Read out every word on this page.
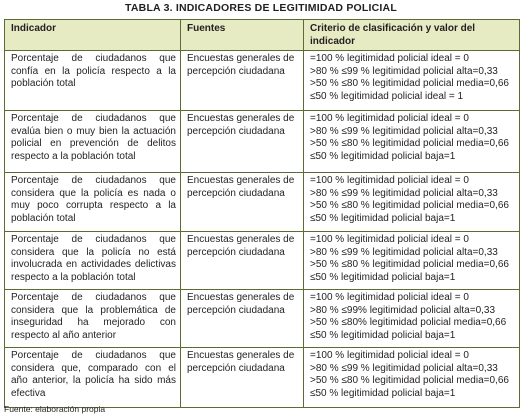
TABLA 3. INDICADORES DE LEGITIMIDAD POLICIAL
Indicador	Fuentes	Criterio de clasificación y valor del indicador
Porcentaje de ciudadanos que confía en la policía respecto a la población total	Encuestas generales de percepción ciudadana	=100 % legitimidad policial ideal = 0
>80 % ≤99 % legitimidad policial alta=0,33
>50 % ≤80 % legitimidad policial media=0,66
≤50 % legitimidad policial ideal = 1

Porcentaje de ciudadanos que evalúa bien o muy bien la actuación policial en prevención de delitos respecto a la población total	Encuestas generales de percepción ciudadana	=100 % legitimidad policial ideal = 0
>80 % ≤99 % legitimidad policial alta=0,33
>50 % ≤80 % legitimidad policial media=0,66
≤50 % legitimidad policial baja=1

Porcentaje de ciudadanos que considera que la policía es nada o muy poco corrupta respecto a la población total	Encuestas generales de percepción ciudadana	=100 % legitimidad policial ideal = 0
>80 % ≤99 % legitimidad policial alta=0,33
>50 % ≤80 % legitimidad policial media=0,66
≤50 % legitimidad policial baja=1

Porcentaje de ciudadanos que considera que la policía no está involucrada en actividades delictivas respecto a la población total	Encuestas generales de percepción ciudadana	=100 % legitimidad policial ideal = 0
>80 % ≤99 % legitimidad policial alta=0,33
>50 % ≤80 % legitimidad policial media=0,66
≤50 % legitimidad policial baja=1

Porcentaje de ciudadanos que considera que la problemática de inseguridad ha mejorado con respecto al año anterior	Encuestas generales de percepción ciudadana	=100 % legitimidad policial ideal = 0
>80 % ≤99% legitimidad policial alta=0,33
>50 % ≤80% legitimidad policial media=0,66
≤50 % legitimidad policial baja=1

Porcentaje de ciudadanos que considera que, comparado con el año anterior, la policía ha sido más efectiva	Encuestas generales de percepción ciudadana	=100 % legitimidad policial ideal = 0
>80 % ≤99 % legitimidad policial alta=0,33
>50 % ≤80 % legitimidad policial media=0,66
≤50 % legitimidad policial baja=1
Fuente: elaboración propia
